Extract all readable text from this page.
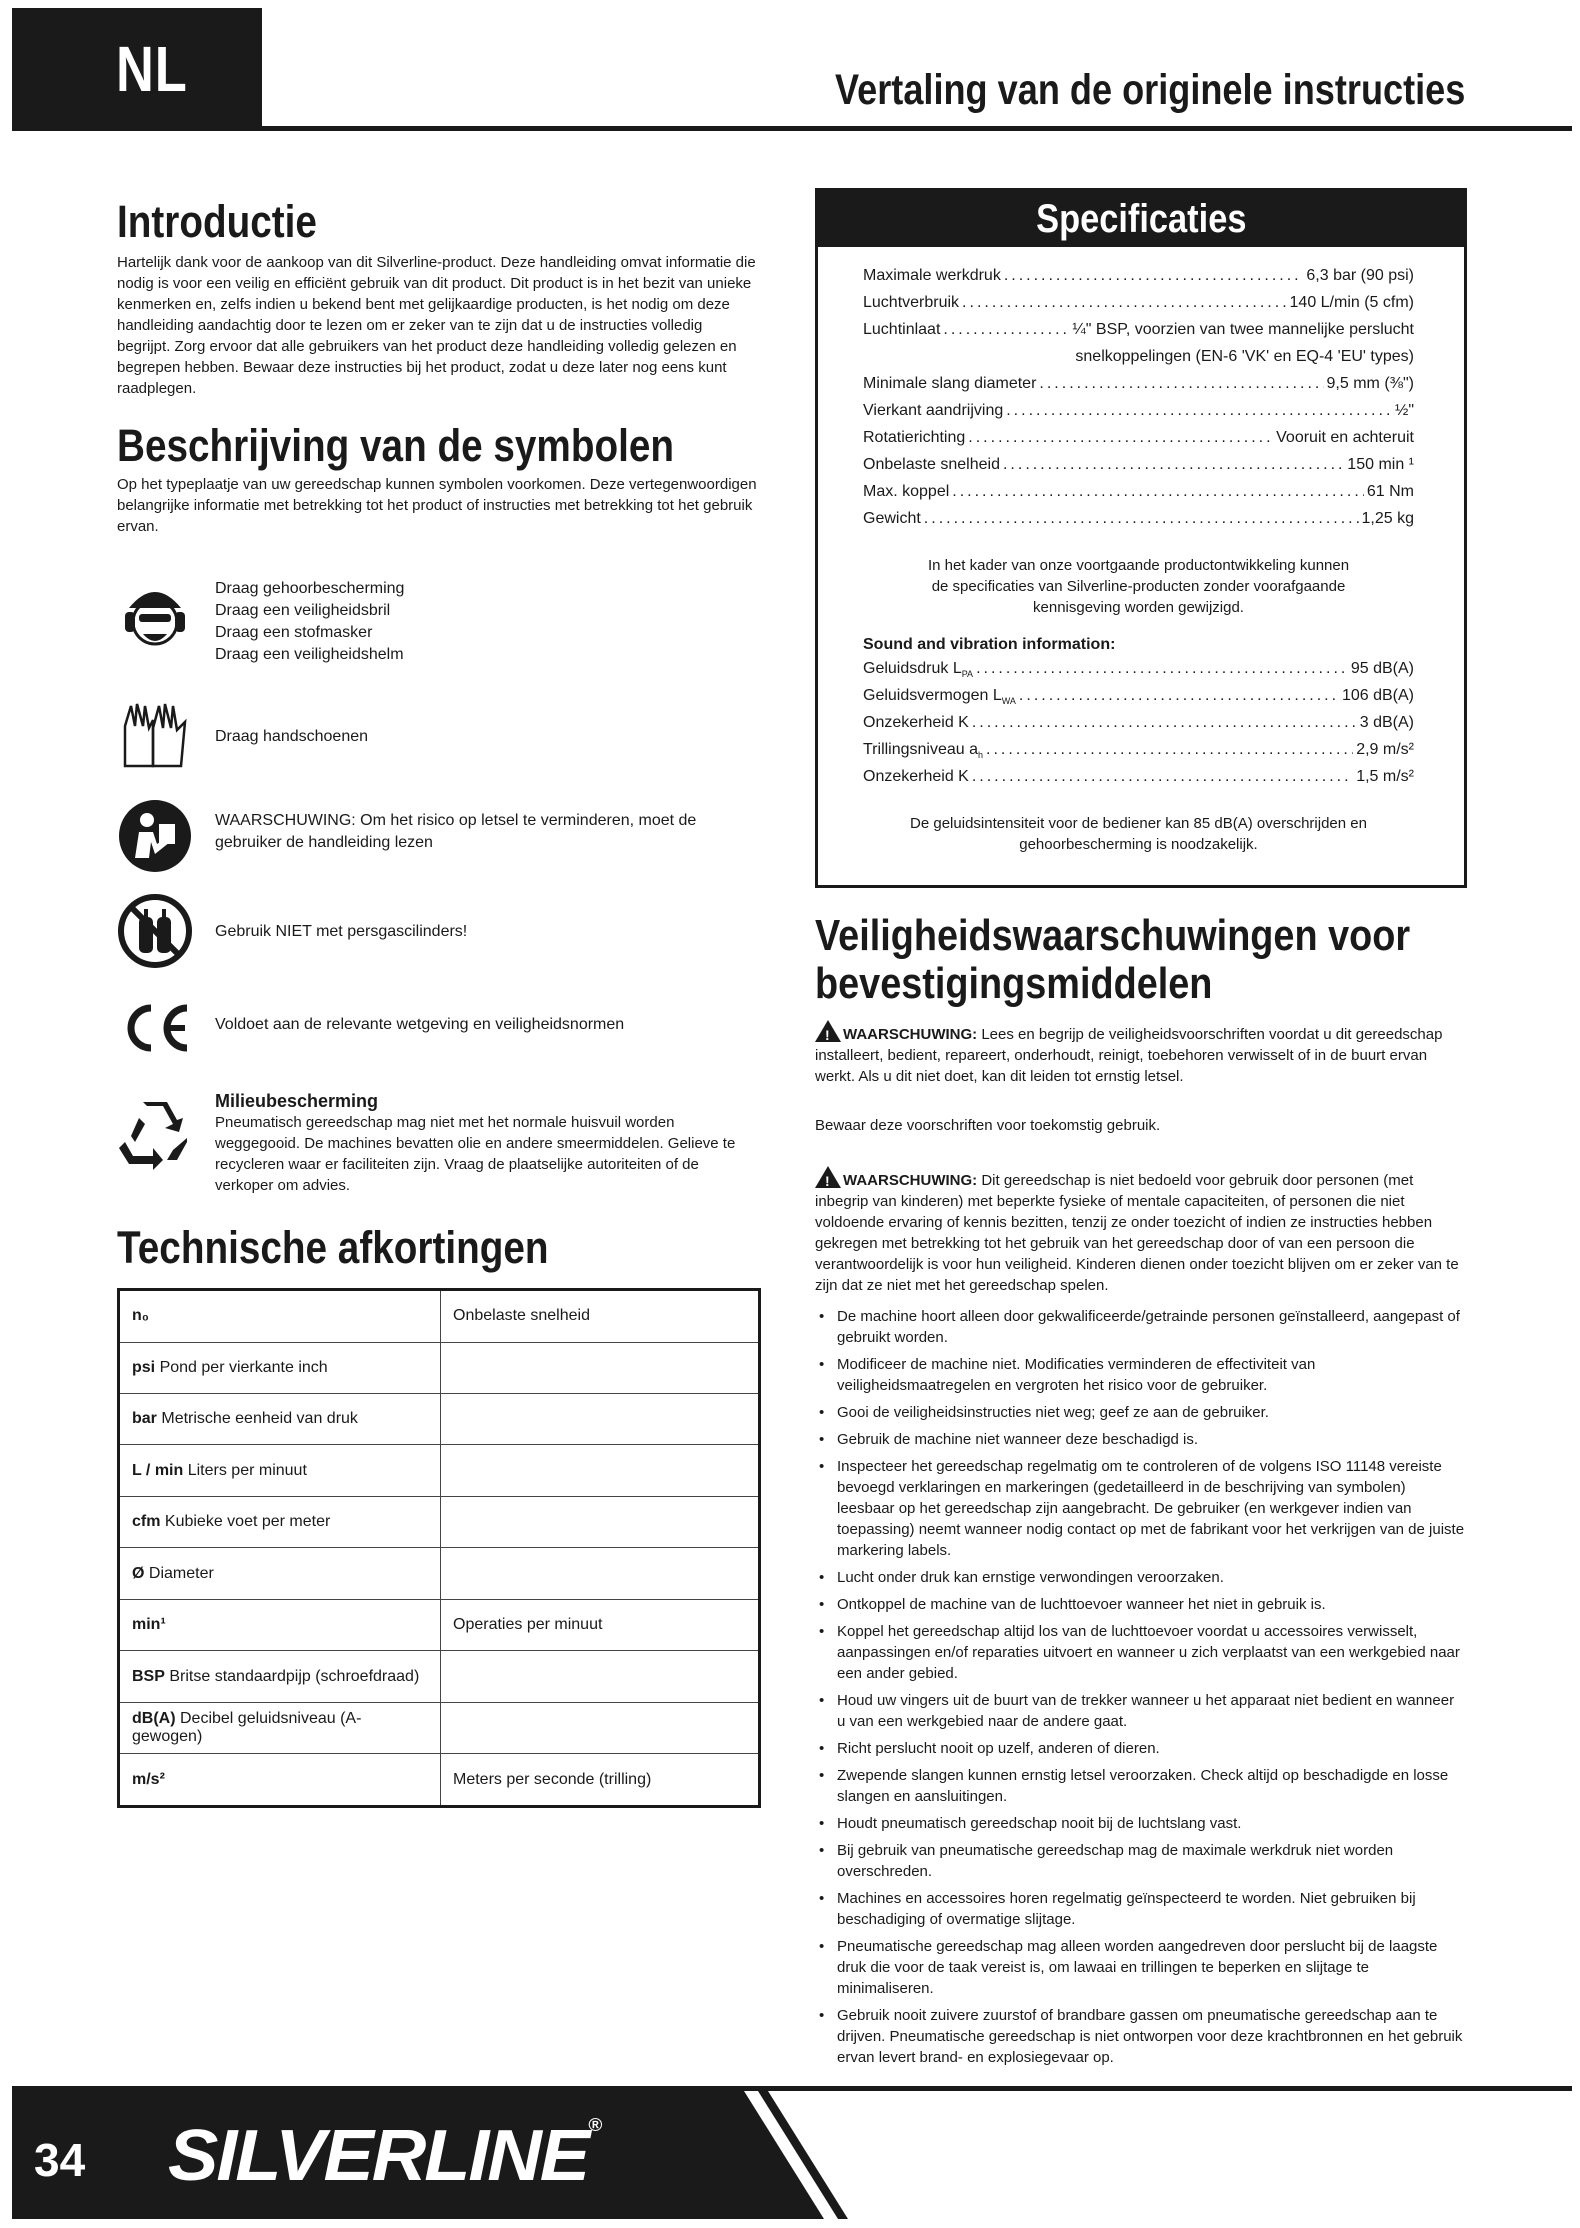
NL	Vertaling van de originele instructies
Introductie

Hartelijk dank voor de aankoop van dit Silverline-product. Deze handleiding omvat informatie die nodig is voor een veilig en efficiënt gebruik van dit product. Dit product is in het bezit van unieke kenmerken en, zelfs indien u bekend bent met gelijkaardige producten, is het nodig om deze handleiding aandachtig door te lezen om er zeker van te zijn dat u de instructies volledig begrijpt. Zorg ervoor dat alle gebruikers van het product deze handleiding volledig gelezen en begrepen hebben. Bewaar deze instructies bij het product, zodat u deze later nog eens kunt raadplegen.

Beschrijving van de symbolen

Op het typeplaatje van uw gereedschap kunnen symbolen voorkomen. Deze vertegenwoordigen belangrijke informatie met betrekking tot het product of instructies met betrekking tot het gebruik ervan.

Draag gehoorbescherming
Draag een veiligheidsbril
Draag een stofmasker
Draag een veiligheidshelm
Draag handschoenen
WAARSCHUWING: Om het risico op letsel te verminderen, moet de gebruiker de handleiding lezen
Gebruik NIET met persgascilinders!
Voldoet aan de relevante wetgeving en veiligheidsnormen
Milieubescherming
Pneumatisch gereedschap mag niet met het normale huisvuil worden weggegooid. De machines bevatten olie en andere smeermiddelen. Gelieve te recycleren waar er faciliteiten zijn. Vraag de plaatselijke autoriteiten of de verkoper om advies.
Technische afkortingen
n₀	Onbelaste snelheid
psi Pond per vierkante inch	
bar Metrische eenheid van druk	
L / min Liters per minuut	
cfm Kubieke voet per meter	
Ø Diameter	
min¹	Operaties per minuut
BSP Britse standaardpijp (schroefdraad)	
dB(A) Decibel geluidsniveau (A-gewogen)	
m/s²	Meters per seconde (trilling)
Specificaties
Maximale werkdruk .....	6,3 bar (90 psi)
Luchtverbruik .....	140 L/min (5 cfm)
Luchtinlaat .....	¼" BSP, voorzien van twee mannelijke perslucht
snelkoppelingen (EN-6 'VK' en EQ-4 'EU' types)
Minimale slang diameter .....	9,5 mm (⅜")
Vierkant aandrijving .....	½"
Rotatierichting .....	Vooruit en achteruit
Onbelaste snelheid .....	150 min ¹
Max. koppel .....	61 Nm
Gewicht .....	1,25 kg
In het kader van onze voortgaande productontwikkeling kunnen de specificaties van Silverline-producten zonder voorafgaande kennisgeving worden gewijzigd.
Sound and vibration information:
Geluidsdruk $L_{PA}$ .....	95 dB(A)
Geluidsvermogen $L_{WA}$ .....	106 dB(A)
Onzekerheid K .....	3 dB(A)
Trillingsniveau $a_h$ .....	2,9 m/s²
Onzekerheid K .....	1,5 m/s²
De geluidsintensiteit voor de bediener kan 85 dB(A) overschrijden en gehoorbescherming is noodzakelijk.
Veiligheidswaarschuwingen voor
bevestigingsmiddelen

!WAARSCHUWING: Lees en begrijp de veiligheidsvoorschriften voordat u dit gereedschap installeert, bedient, repareert, onderhoudt, reinigt, toebehoren verwisselt of in de buurt ervan werkt. Als u dit niet doet, kan dit leiden tot ernstig letsel.

Bewaar deze voorschriften voor toekomstig gebruik.

!WAARSCHUWING: Dit gereedschap is niet bedoeld voor gebruik door personen (met inbegrip van kinderen) met beperkte fysieke of mentale capaciteiten, of personen die niet voldoende ervaring of kennis bezitten, tenzij ze onder toezicht of indien ze instructies hebben gekregen met betrekking tot het gebruik van het gereedschap door of van een persoon die verantwoordelijk is voor hun veiligheid. Kinderen dienen onder toezicht blijven om er zeker van te zijn dat ze niet met het gereedschap spelen.

• De machine hoort alleen door gekwalificeerde/getrainde personen geïnstalleerd, aangepast of gebruikt worden.
• Modificeer de machine niet. Modificaties verminderen de effectiviteit van veiligheidsmaatregelen en vergroten het risico voor de gebruiker.
• Gooi de veiligheidsinstructies niet weg; geef ze aan de gebruiker.
• Gebruik de machine niet wanneer deze beschadigd is.
• Inspecteer het gereedschap regelmatig om te controleren of de volgens ISO 11148 vereiste bevoegd verklaringen en markeringen (gedetailleerd in de beschrijving van symbolen) leesbaar op het gereedschap zijn aangebracht. De gebruiker (en werkgever indien van toepassing) neemt wanneer nodig contact op met de fabrikant voor het verkrijgen van de juiste markering labels.
• Lucht onder druk kan ernstige verwondingen veroorzaken.
• Ontkoppel de machine van de luchttoevoer wanneer het niet in gebruik is.
• Koppel het gereedschap altijd los van de luchttoevoer voordat u accessoires verwisselt, aanpassingen en/of reparaties uitvoert en wanneer u zich verplaatst van een werkgebied naar een ander gebied.
• Houd uw vingers uit de buurt van de trekker wanneer u het apparaat niet bedient en wanneer u van een werkgebied naar de andere gaat.
• Richt perslucht nooit op uzelf, anderen of dieren.
• Zwepende slangen kunnen ernstig letsel veroorzaken. Check altijd op beschadigde en losse slangen en aansluitingen.
• Houdt pneumatisch gereedschap nooit bij de luchtslang vast.
• Bij gebruik van pneumatische gereedschap mag de maximale werkdruk niet worden overschreden.
• Machines en accessoires horen regelmatig geïnspecteerd te worden. Niet gebruiken bij beschadiging of overmatige slijtage.
• Pneumatische gereedschap mag alleen worden aangedreven door perslucht bij de laagste druk die voor de taak vereist is, om lawaai en trillingen te beperken en slijtage te minimaliseren.
• Gebruik nooit zuivere zuurstof of brandbare gassen om pneumatische gereedschap aan te drijven. Pneumatische gereedschap is niet ontworpen voor deze krachtbronnen en het gebruik ervan levert brand- en explosiegevaar op.
34 SILVERLINE®
